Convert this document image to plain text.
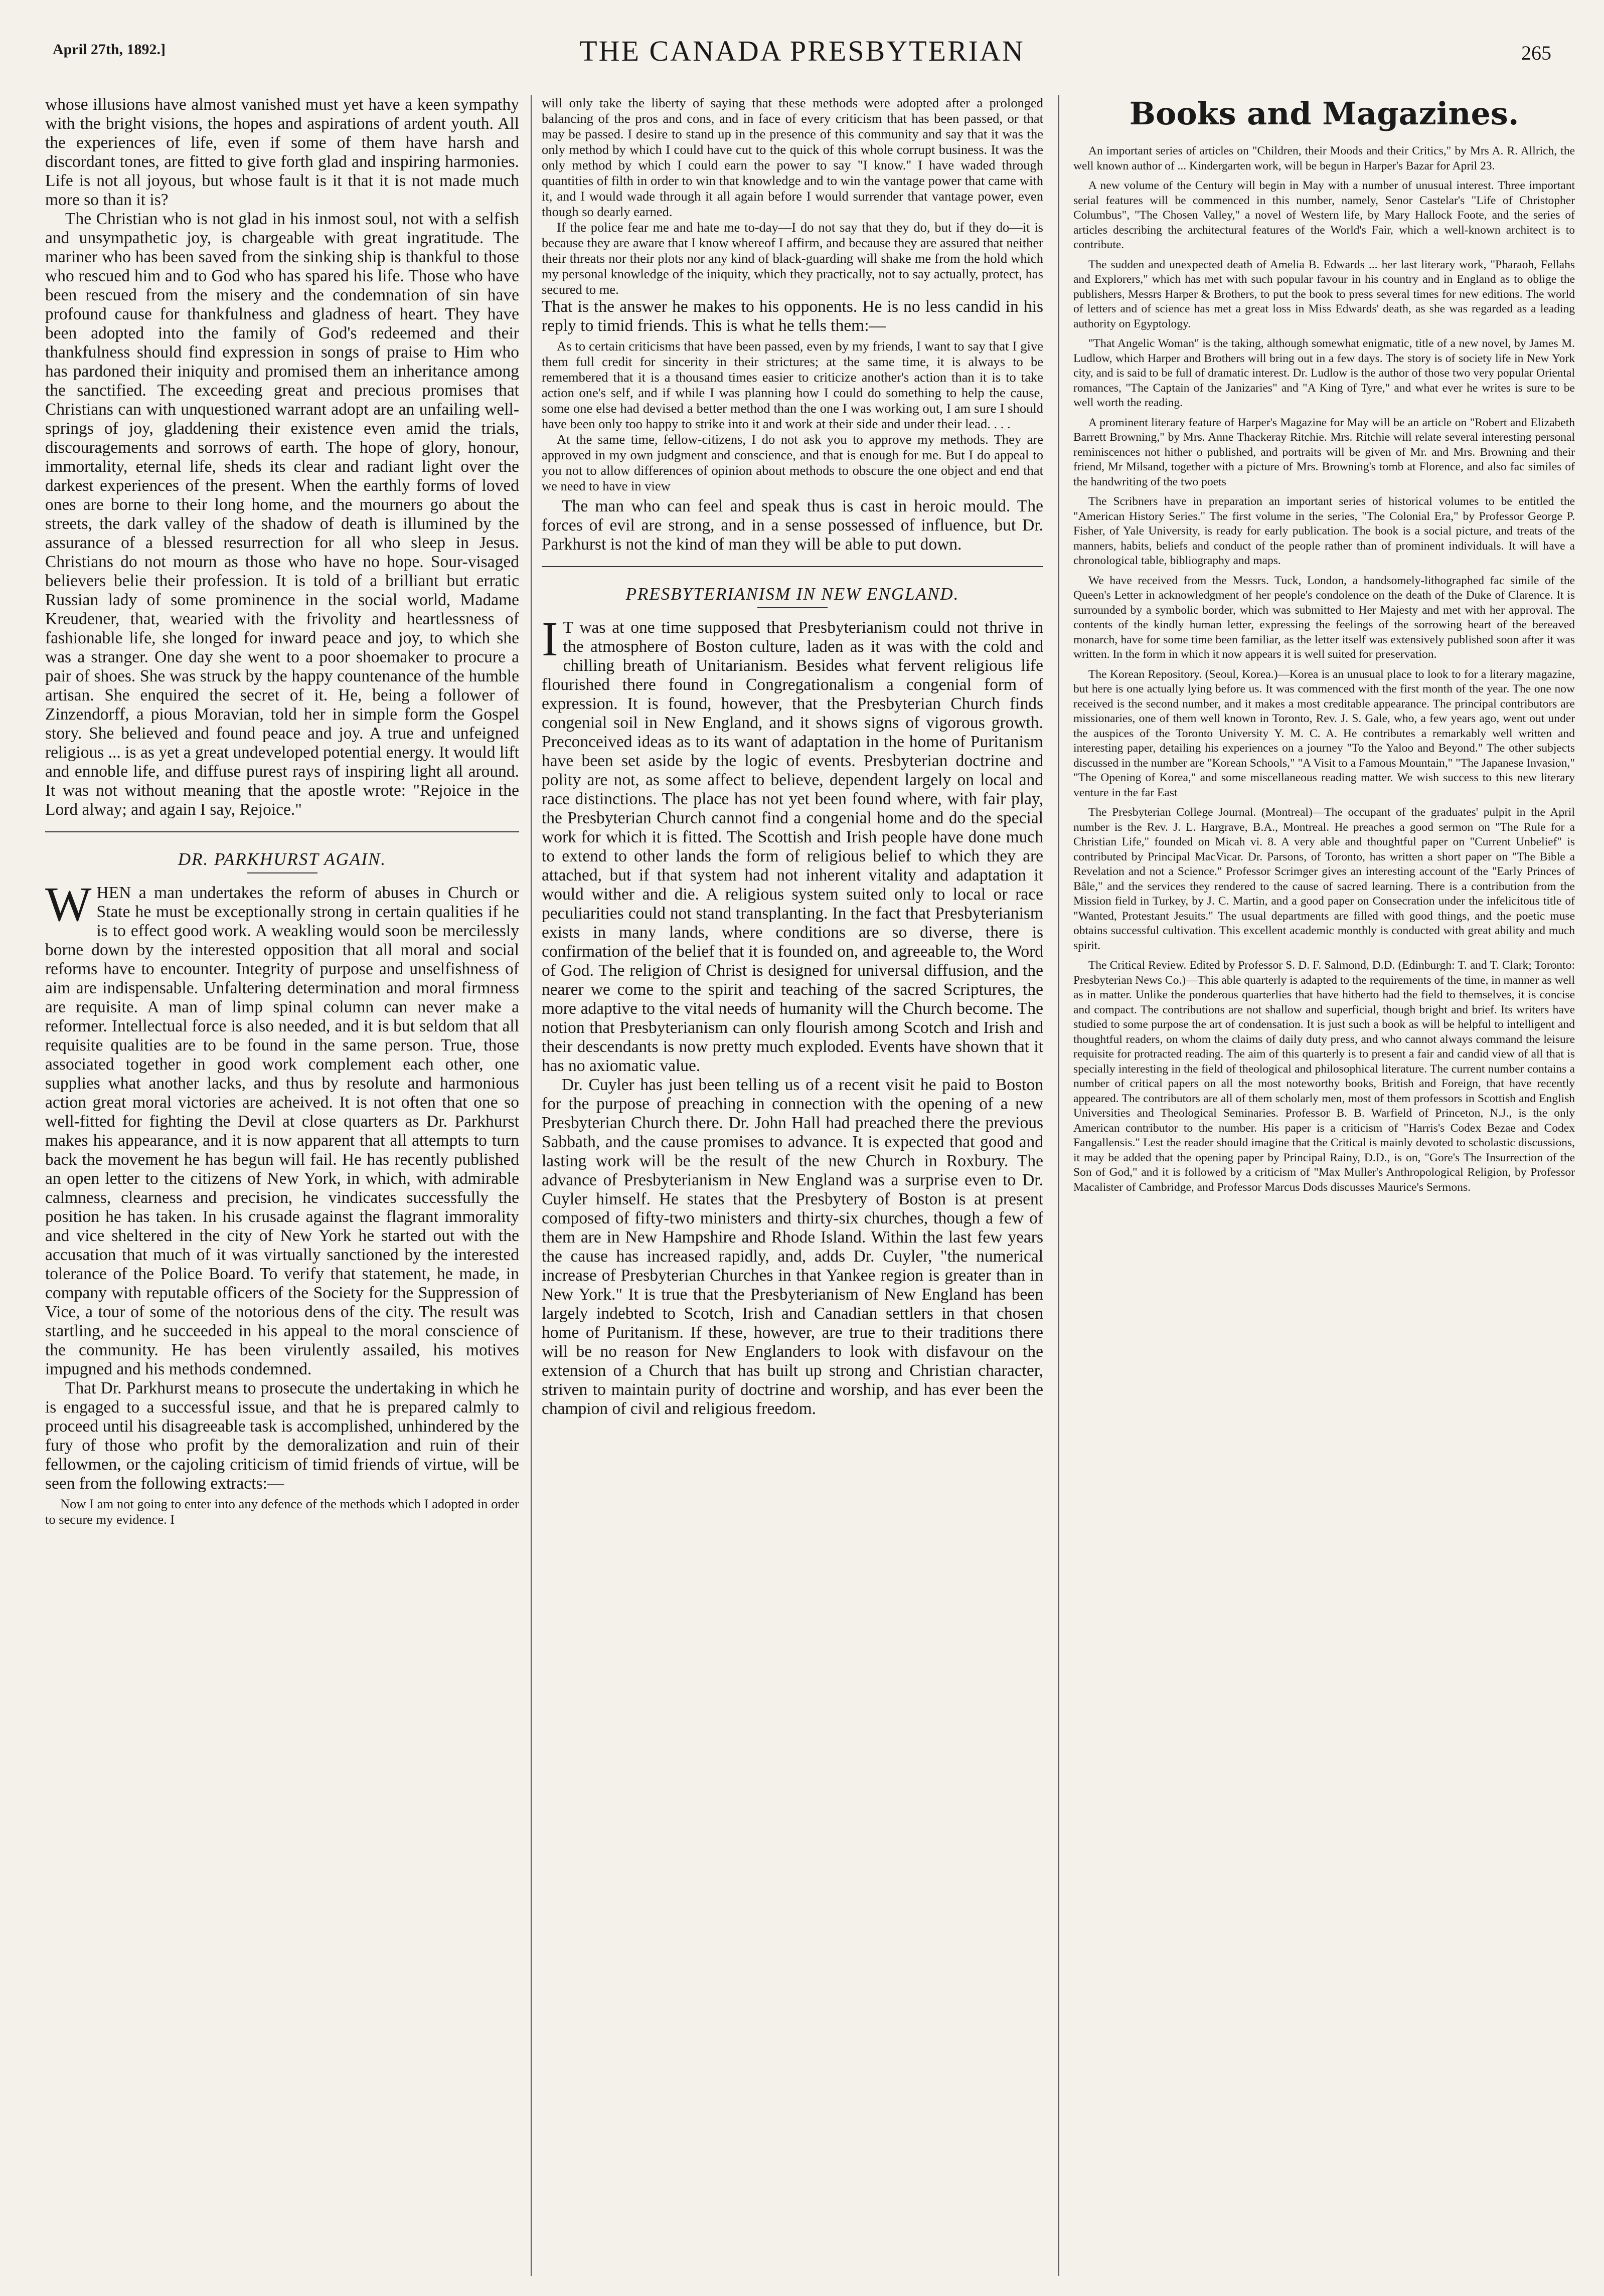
April 27th, 1892.]	THE CANADA PRESBYTERIAN	265

whose illusions have almost vanished must yet have a keen sympathy with the bright visions, the hopes and aspirations of ardent youth. All the experiences of life, even if some of them have harsh and discordant tones, are fitted to give forth glad and inspiring harmonies. Life is not all joyous, but whose fault is it that it is not made much more so than it is?

The Christian who is not glad in his inmost soul, not with a selfish and unsympathetic joy, is chargeable with great ingratitude. The mariner who has been saved from the sinking ship is thankful to those who rescued him and to God who has spared his life. Those who have been rescued from the misery and the condemnation of sin have profound cause for thankfulness and gladness of heart. They have been adopted into the family of God's redeemed and their thankfulness should find expression in songs of praise to Him who has pardoned their iniquity and promised them an inheritance among the sanctified. The exceeding great and precious promises that Christians can with unquestioned warrant adopt are an unfailing well-springs of joy, gladdening their existence even amid the trials, discouragements and sorrows of earth. The hope of glory, honour, immortality, eternal life, sheds its clear and radiant light over the darkest experiences of the present. When the earthly forms of loved ones are borne to their long home, and the mourners go about the streets, the dark valley of the shadow of death is illumined by the assurance of a blessed resurrection for all who sleep in Jesus. Christians do not mourn as those who have no hope. Sour-visaged believers belie their profession. It is told of a brilliant but erratic Russian lady of some prominence in the social world, Madame Kreudener, that, wearied with the frivolity and heartlessness of fashionable life, she longed for inward peace and joy, to which she was a stranger. One day she went to a poor shoemaker to procure a pair of shoes. She was struck by the happy countenance of the humble artisan. She enquired the secret of it. He, being a follower of Zinzendorff, a pious Moravian, told her in simple form the Gospel story. She believed and found peace and joy. A true and unfeigned religious ... is as yet a great undeveloped potential energy. It would lift and ennoble life, and diffuse purest rays of inspiring light all around. It was not without meaning that the apostle wrote: "Rejoice in the Lord alway; and again I say, Rejoice."

DR. PARKHURST AGAIN.

WHEN a man undertakes the reform of abuses in Church or State he must be exceptionally strong in certain qualities if he is to effect good work. A weakling would soon be mercilessly borne down by the interested opposition that all moral and social reforms have to encounter. Integrity of purpose and unselfishness of aim are indispensable. Unfaltering determination and moral firmness are requisite. A man of limp spinal column can never make a reformer. Intellectual force is also needed, and it is but seldom that all requisite qualities are to be found in the same person. True, those associated together in good work complement each other, one supplies what another lacks, and thus by resolute and harmonious action great moral victories are acheived. It is not often that one so well-fitted for fighting the Devil at close quarters as Dr. Parkhurst makes his appearance, and it is now apparent that all attempts to turn back the movement he has begun will fail. He has recently published an open letter to the citizens of New York, in which, with admirable calmness, clearness and precision, he vindicates successfully the position he has taken. In his crusade against the flagrant immorality and vice sheltered in the city of New York he started out with the accusation that much of it was virtually sanctioned by the interested tolerance of the Police Board. To verify that statement, he made, in company with reputable officers of the Society for the Suppression of Vice, a tour of some of the notorious dens of the city. The result was startling, and he succeeded in his appeal to the moral conscience of the community. He has been virulently assailed, his motives impugned and his methods condemned.

That Dr. Parkhurst means to prosecute the undertaking in which he is engaged to a successful issue, and that he is prepared calmly to proceed until his disagreeable task is accomplished, unhindered by the fury of those who profit by the demoralization and ruin of their fellowmen, or the cajoling criticism of timid friends of virtue, will be seen from the following extracts:—

Now I am not going to enter into any defence of the methods which I adopted in order to secure my evidence. I

will only take the liberty of saying that these methods were adopted after a prolonged balancing of the pros and cons, and in face of every criticism that has been passed, or that may be passed. I desire to stand up in the presence of this community and say that it was the only method by which I could have cut to the quick of this whole corrupt business. It was the only method by which I could earn the power to say "I know." I have waded through quantities of filth in order to win that knowledge and to win the vantage power that came with it, and I would wade through it all again before I would surrender that vantage power, even though so dearly earned.

If the police fear me and hate me to-day—I do not say that they do, but if they do—it is because they are aware that I know whereof I affirm, and because they are assured that neither their threats nor their plots nor any kind of black-guarding will shake me from the hold which my personal knowledge of the iniquity, which they practically, not to say actually, protect, has secured to me.

That is the answer he makes to his opponents. He is no less candid in his reply to timid friends. This is what he tells them:—

As to certain criticisms that have been passed, even by my friends, I want to say that I give them full credit for sincerity in their strictures; at the same time, it is always to be remembered that it is a thousand times easier to criticize another's action than it is to take action one's self, and if while I was planning how I could do something to help the cause, some one else had devised a better method than the one I was working out, I am sure I should have been only too happy to strike into it and work at their side and under their lead. . . .

At the same time, fellow-citizens, I do not ask you to approve my methods. They are approved in my own judgment and conscience, and that is enough for me. But I do appeal to you not to allow differences of opinion about methods to obscure the one object and end that we need to have in view

The man who can feel and speak thus is cast in heroic mould. The forces of evil are strong, and in a sense possessed of influence, but Dr. Parkhurst is not the kind of man they will be able to put down.

PRESBYTERIANISM IN NEW ENGLAND.

I T was at one time supposed that Presbyterianism could not thrive in the atmosphere of Boston culture, laden as it was with the cold and chilling breath of Unitarianism. Besides what fervent religious life flourished there found in Congregationalism a congenial form of expression. It is found, however, that the Presbyterian Church finds congenial soil in New England, and it shows signs of vigorous growth. Preconceived ideas as to its want of adaptation in the home of Puritanism have been set aside by the logic of events. Presbyterian doctrine and polity are not, as some affect to believe, dependent largely on local and race distinctions. The place has not yet been found where, with fair play, the Presbyterian Church cannot find a congenial home and do the special work for which it is fitted. The Scottish and Irish people have done much to extend to other lands the form of religious belief to which they are attached, but if that system had not inherent vitality and adaptation it would wither and die. A religious system suited only to local or race peculiarities could not stand transplanting. In the fact that Presbyterianism exists in many lands, where conditions are so diverse, there is confirmation of the belief that it is founded on, and agreeable to, the Word of God. The religion of Christ is designed for universal diffusion, and the nearer we come to the spirit and teaching of the sacred Scriptures, the more adaptive to the vital needs of humanity will the Church become. The notion that Presbyterianism can only flourish among Scotch and Irish and their descendants is now pretty much exploded. Events have shown that it has no axiomatic value.

Dr. Cuyler has just been telling us of a recent visit he paid to Boston for the purpose of preaching in connection with the opening of a new Presbyterian Church there. Dr. John Hall had preached there the previous Sabbath, and the cause promises to advance. It is expected that good and lasting work will be the result of the new Church in Roxbury. The advance of Presbyterianism in New England was a surprise even to Dr. Cuyler himself. He states that the Presbytery of Boston is at present composed of fifty-two ministers and thirty-six churches, though a few of them are in New Hampshire and Rhode Island. Within the last few years the cause has increased rapidly, and, adds Dr. Cuyler, "the numerical increase of Presbyterian Churches in that Yankee region is greater than in New York." It is true that the Presbyterianism of New England has been largely indebted to Scotch, Irish and Canadian settlers in that chosen home of Puritanism. If these, however, are true to their traditions there will be no reason for New Englanders to look with disfavour on the extension of a Church that has built up strong and Christian character, striven to maintain purity of doctrine and worship, and has ever been the champion of civil and religious freedom.

Books and Magazines.

An important series of articles on "Children, their Moods and their Critics," by Mrs A. R. Allrich, the well known author of ... Kindergarten work, will be begun in Harper's Bazar for April 23.

A new volume of the Century will begin in May with a number of unusual interest. Three important serial features will be commenced in this number, namely, Senor Castelar's "Life of Christopher Columbus", "The Chosen Valley," a novel of Western life, by Mary Hallock Foote, and the series of articles describing the architectural features of the World's Fair, which a well-known architect is to contribute.

The sudden and unexpected death of Amelia B. Edwards ... her last literary work, "Pharaoh, Fellahs and Explorers," which has met with such popular favour in his country and in England as to oblige the publishers, Messrs Harper & Brothers, to put the book to press several times for new editions. The world of letters and of science has met a great loss in Miss Edwards' death, as she was regarded as a leading authority on Egyptology.

"That Angelic Woman" is the taking, although somewhat enigmatic, title of a new novel, by James M. Ludlow, which Harper and Brothers will bring out in a few days. The story is of society life in New York city, and is said to be full of dramatic interest. Dr. Ludlow is the author of those two very popular Oriental romances, "The Captain of the Janizaries" and "A King of Tyre," and what ever he writes is sure to be well worth the reading.

A prominent literary feature of Harper's Magazine for May will be an article on "Robert and Elizabeth Barrett Browning," by Mrs. Anne Thackeray Ritchie. Mrs. Ritchie will relate several interesting personal reminiscences not hither o published, and portraits will be given of Mr. and Mrs. Browning and their friend, Mr Milsand, together with a picture of Mrs. Browning's tomb at Florence, and also fac similes of the handwriting of the two poets

The Scribners have in preparation an important series of historical volumes to be entitled the "American History Series." The first volume in the series, "The Colonial Era," by Professor George P. Fisher, of Yale University, is ready for early publication. The book is a social picture, and treats of the manners, habits, beliefs and conduct of the people rather than of prominent individuals. It will have a chronological table, bibliography and maps.

We have received from the Messrs. Tuck, London, a handsomely-lithographed fac simile of the Queen's Letter in acknowledgment of her people's condolence on the death of the Duke of Clarence. It is surrounded by a symbolic border, which was submitted to Her Majesty and met with her approval. The contents of the kindly human letter, expressing the feelings of the sorrowing heart of the bereaved monarch, have for some time been familiar, as the letter itself was extensively published soon after it was written. In the form in which it now appears it is well suited for preservation.

The Korean Repository. (Seoul, Korea.)—Korea is an unusual place to look to for a literary magazine, but here is one actually lying before us. It was commenced with the first month of the year. The one now received is the second number, and it makes a most creditable appearance. The principal contributors are missionaries, one of them well known in Toronto, Rev. J. S. Gale, who, a few years ago, went out under the auspices of the Toronto University Y. M. C. A. He contributes a remarkably well written and interesting paper, detailing his experiences on a journey "To the Yaloo and Beyond." The other subjects discussed in the number are "Korean Schools," "A Visit to a Famous Mountain," "The Japanese Invasion," "The Opening of Korea," and some miscellaneous reading matter. We wish success to this new literary venture in the far East

The Presbyterian College Journal. (Montreal)—The occupant of the graduates' pulpit in the April number is the Rev. J. L. Hargrave, B.A., Montreal. He preaches a good sermon on "The Rule for a Christian Life," founded on Micah vi. 8. A very able and thoughtful paper on "Current Unbelief" is contributed by Principal MacVicar. Dr. Parsons, of Toronto, has written a short paper on "The Bible a Revelation and not a Science." Professor Scrimger gives an interesting account of the "Early Princes of Bâle," and the services they rendered to the cause of sacred learning. There is a contribution from the Mission field in Turkey, by J. C. Martin, and a good paper on Consecration under the infelicitous title of "Wanted, Protestant Jesuits." The usual departments are filled with good things, and the poetic muse obtains successful cultivation. This excellent academic monthly is conducted with great ability and much spirit.

The Critical Review. Edited by Professor S. D. F. Salmond, D.D. (Edinburgh: T. and T. Clark; Toronto: Presbyterian News Co.)—This able quarterly is adapted to the requirements of the time, in manner as well as in matter. Unlike the ponderous quarterlies that have hitherto had the field to themselves, it is concise and compact. The contributions are not shallow and superficial, though bright and brief. Its writers have studied to some purpose the art of condensation. It is just such a book as will be helpful to intelligent and thoughtful readers, on whom the claims of daily duty press, and who cannot always command the leisure requisite for protracted reading. The aim of this quarterly is to present a fair and candid view of all that is specially interesting in the field of theological and philosophical literature. The current number contains a number of critical papers on all the most noteworthy books, British and Foreign, that have recently appeared. The contributors are all of them scholarly men, most of them professors in Scottish and English Universities and Theological Seminaries. Professor B. B. Warfield of Princeton, N.J., is the only American contributor to the number. His paper is a criticism of "Harris's Codex Bezae and Codex Fangallensis." Lest the reader should imagine that the Critical is mainly devoted to scholastic discussions, it may be added that the opening paper by Principal Rainy, D.D., is on, "Gore's The Insurrection of the Son of God," and it is followed by a criticism of "Max Muller's Anthropological Religion, by Professor Macalister of Cambridge, and Professor Marcus Dods discusses Maurice's Sermons.
